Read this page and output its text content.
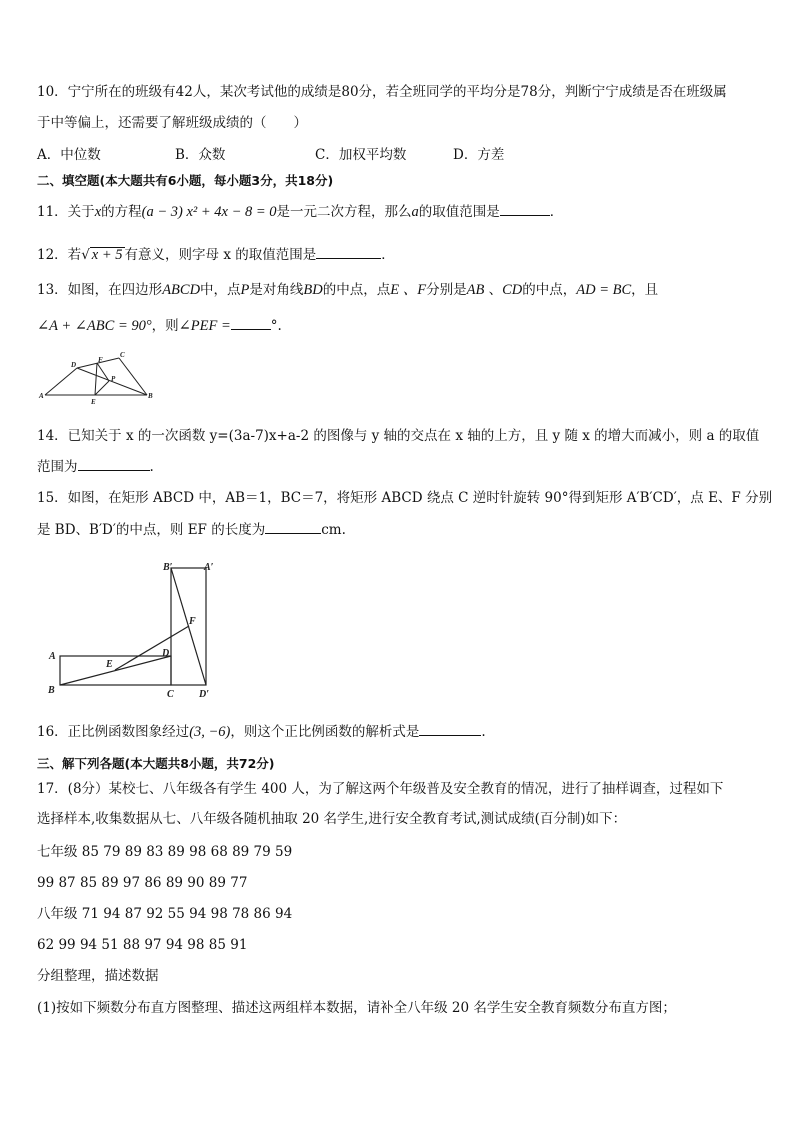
10．宁宁所在的班级有42人，某次考试他的成绩是80分，若全班同学的平均分是78分，判断宁宁成绩是否在班级属
于中等偏上，还需要了解班级成绩的（　　）
A．中位数	B．众数	C．加权平均数	D．方差
二、填空题(本大题共有6小题，每小题3分，共18分)
11．关于x的方程(a − 3) x² + 4x − 8 = 0是一元二次方程，那么a的取值范围是	．
12．若√ x + 5 有意义，则字母 x 的取值范围是	．
13．如图，在四边形ABCD中，点P是对角线BD的中点，点E 、F分别是AB 、CD的中点，AD = BC，且
∠A + ∠ABC = 90°，则∠PEF =	°.
A	B
C
D
E
F
P
14．已知关于 x 的一次函数 y=(3a-7)x+a-2 的图像与 y 轴的交点在 x 轴的上方，且 y 随 x 的增大而减小，则 a 的取值
范围为	.
15．如图，在矩形 ABCD 中，AB＝1，BC＝7，将矩形 ABCD 绕点 C 逆时针旋转 90°得到矩形 A′B′CD′，点 E、F 分别
是 BD、B′D′的中点，则 EF 的长度为	cm.
B′	A′
F
A
E
D
B	C	D′
16．正比例函数图象经过(3, −6)，则这个正比例函数的解析式是	.
三、解下列各题(本大题共8小题，共72分)
17．(8分）某校七、八年级各有学生 400 人，为了解这两个年级普及安全教育的情况，进行了抽样调查，过程如下
选择样本,收集数据从七、八年级各随机抽取 20 名学生,进行安全教育考试,测试成绩(百分制)如下：
七年级 85 79 89 83 89 98 68 89 79 59
99 87 85 89 97 86 89 90 89 77
八年级 71 94 87 92 55 94 98 78 86 94
62 99 94 51 88 97 94 98 85 91
分组整理，描述数据
(1)按如下频数分布直方图整理、描述这两组样本数据，请补全八年级 20 名学生安全教育频数分布直方图；
